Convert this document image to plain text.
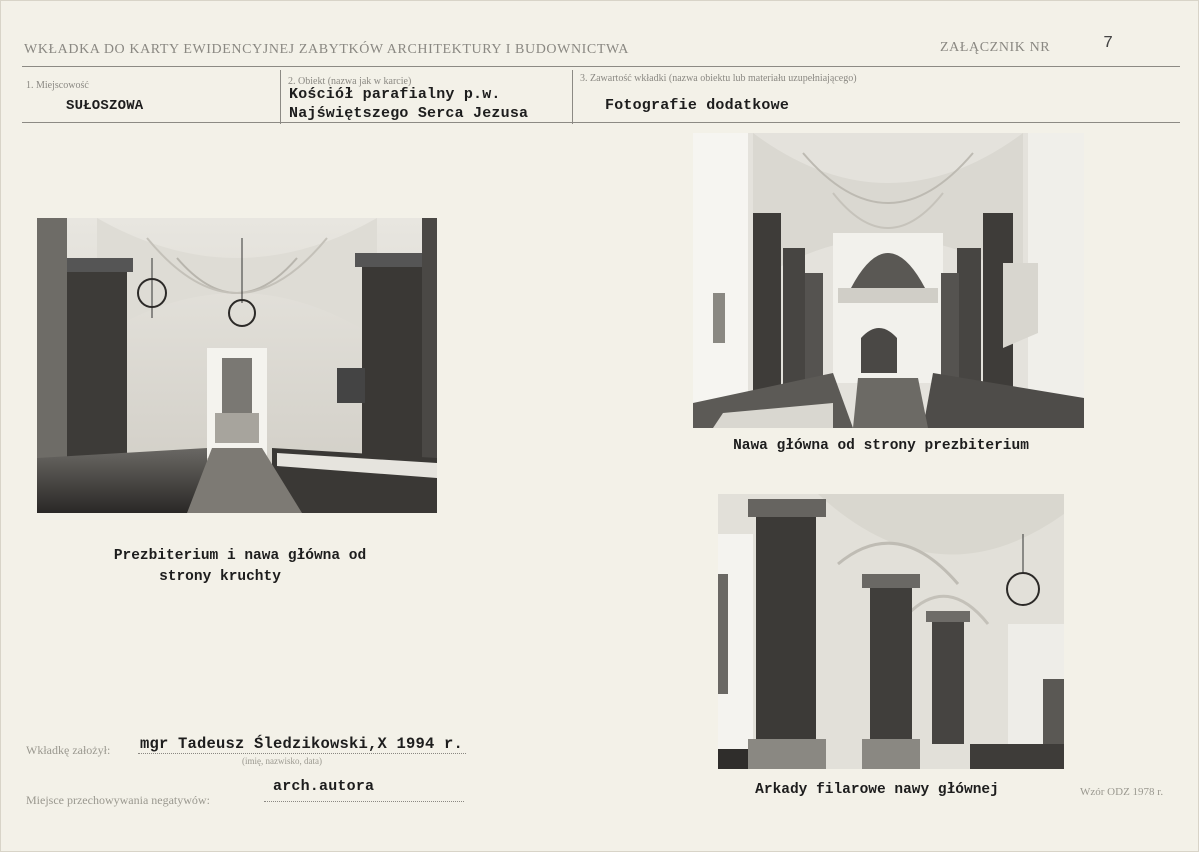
WKŁADKA DO KARTY EWIDENCYJNEJ ZABYTKÓW ARCHITEKTURY I BUDOWNICTWA	ZAŁĄCZNIK NR	7
1. Miejscowość
SUŁOSZOWA
2. Obiekt (nazwa jak w karcie)
Kościół parafialny p.w.
Najświętszego Serca Jezusa
3. Zawartość wkładki (nazwa obiektu lub materiału uzupełniającego)
Fotografie dodatkowe
Prezbiterium i nawa główna od
strony kruchty
Nawa główna od strony prezbiterium
Arkady filarowe nawy głównej
Wkładkę założył: mgr Tadeusz Śledzikowski,X 1994 r.
(imię, nazwisko, data)
Miejsce przechowywania negatywów:
arch.autora	Wzór ODZ 1978 r.
